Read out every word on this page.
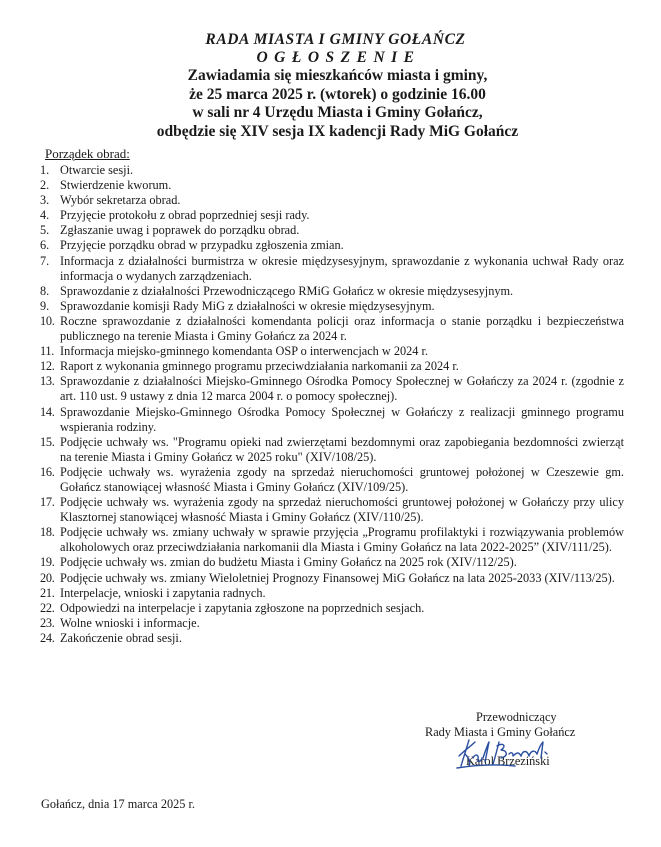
RADA MIASTA I GMINY GOŁAŃCZ
OGŁOSZENIE
Zawiadamia się mieszkańców miasta i gminy,
że 25 marca 2025 r. (wtorek) o godzinie 16.00
w sali nr 4 Urzędu Miasta i Gminy Gołańcz,
odbędzie się XIV sesja IX kadencji Rady MiG Gołańcz
Porządek obrad:
1. Otwarcie sesji.
2. Stwierdzenie kworum.
3. Wybór sekretarza obrad.
4. Przyjęcie protokołu z obrad poprzedniej sesji rady.
5. Zgłaszanie uwag i poprawek do porządku obrad.
6. Przyjęcie porządku obrad w przypadku zgłoszenia zmian.
7. Informacja z działalności burmistrza w okresie międzysesyjnym, sprawozdanie z wykonania uchwał Rady oraz informacja o wydanych zarządzeniach.
8. Sprawozdanie z działalności Przewodniczącego RMiG Gołańcz w okresie międzysesyjnym.
9. Sprawozdanie komisji Rady MiG z działalności w okresie międzysesyjnym.
10. Roczne sprawozdanie z działalności komendanta policji oraz informacja o stanie porządku i bezpieczeństwa publicznego na terenie Miasta i Gminy Gołańcz za 2024 r.
11. Informacja miejsko-gminnego komendanta OSP o interwencjach w 2024 r.
12. Raport z wykonania gminnego programu przeciwdziałania narkomanii za 2024 r.
13. Sprawozdanie z działalności Miejsko-Gminnego Ośrodka Pomocy Społecznej w Gołańczy za 2024 r. (zgodnie z art. 110 ust. 9 ustawy z dnia 12 marca 2004 r. o pomocy społecznej).
14. Sprawozdanie Miejsko-Gminnego Ośrodka Pomocy Społecznej w Gołańczy z realizacji gminnego programu wspierania rodziny.
15. Podjęcie uchwały ws. "Programu opieki nad zwierzętami bezdomnymi oraz zapobiegania bezdomności zwierząt na terenie Miasta i Gminy Gołańcz w 2025 roku" (XIV/108/25).
16. Podjęcie uchwały ws. wyrażenia zgody na sprzedaż nieruchomości gruntowej położonej w Czeszewie gm. Gołańcz stanowiącej własność Miasta i Gminy Gołańcz (XIV/109/25).
17. Podjęcie uchwały ws. wyrażenia zgody na sprzedaż nieruchomości gruntowej położonej w Gołańczy przy ulicy Klasztornej stanowiącej własność Miasta i Gminy Gołańcz (XIV/110/25).
18. Podjęcie uchwały ws. zmiany uchwały w sprawie przyjęcia „Programu profilaktyki i rozwiązywania problemów alkoholowych oraz przeciwdziałania narkomanii dla Miasta i Gminy Gołańcz na lata 2022-2025” (XIV/111/25).
19. Podjęcie uchwały ws. zmian do budżetu Miasta i Gminy Gołańcz na 2025 rok (XIV/112/25).
20. Podjęcie uchwały ws. zmiany Wieloletniej Prognozy Finansowej MiG Gołańcz na lata 2025-2033 (XIV/113/25).
21. Interpelacje, wnioski i zapytania radnych.
22. Odpowiedzi na interpelacje i zapytania zgłoszone na poprzednich sesjach.
23. Wolne wnioski i informacje.
24. Zakończenie obrad sesji.
Przewodniczący
Rady Miasta i Gminy Gołańcz
Karol Brzeziński
Gołańcz, dnia 17 marca 2025 r.
